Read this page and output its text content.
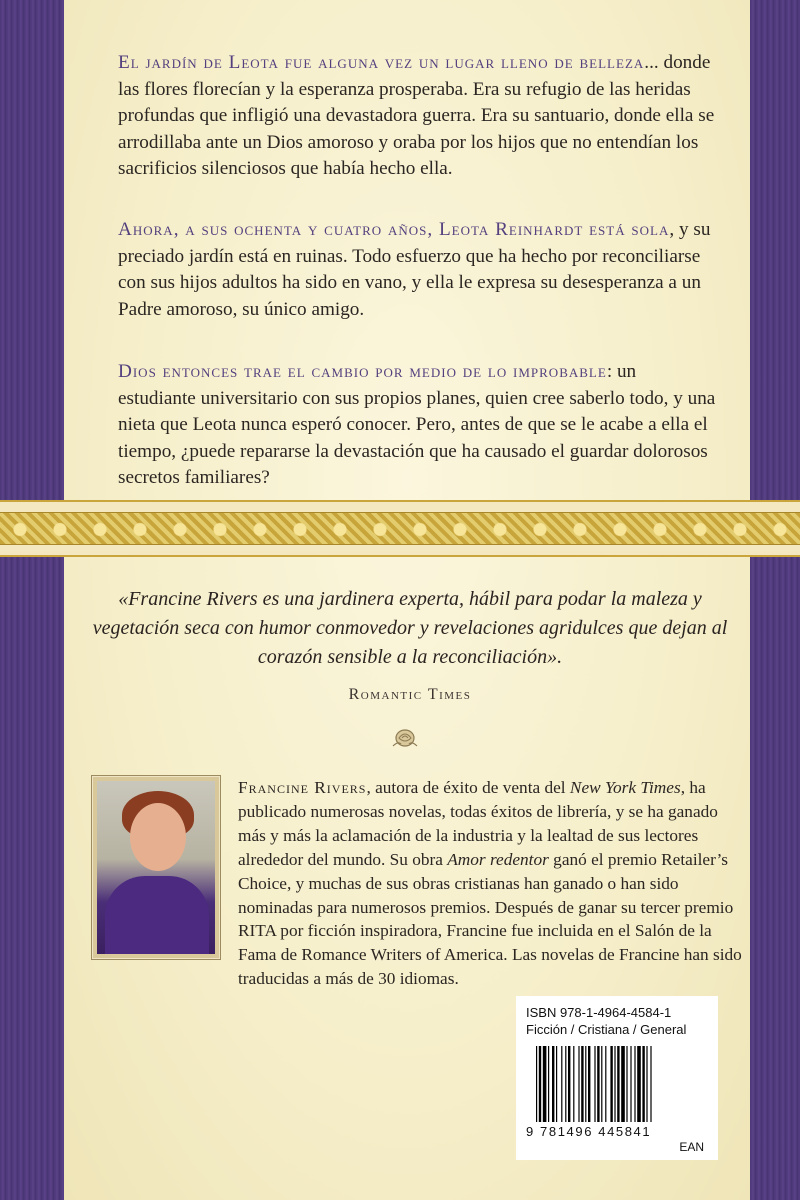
El jardín de Leota fue alguna vez un lugar lleno de belleza... donde las flores florecían y la esperanza prosperaba. Era su refugio de las heridas profundas que infligió una devastadora guerra. Era su santuario, donde ella se arrodillaba ante un Dios amoroso y oraba por los hijos que no entendían los sacrificios silenciosos que había hecho ella.

Ahora, a sus ochenta y cuatro años, Leota Reinhardt está sola, y su preciado jardín está en ruinas. Todo esfuerzo que ha hecho por reconciliarse con sus hijos adultos ha sido en vano, y ella le expresa su desesperanza a un Padre amoroso, su único amigo.

Dios entonces trae el cambio por medio de lo improbable: un estudiante universitario con sus propios planes, quien cree saberlo todo, y una nieta que Leota nunca esperó conocer. Pero, antes de que se le acabe a ella el tiempo, ¿puede repararse la devastación que ha causado el guardar dolorosos secretos familiares?

«Francine Rivers es una jardinera experta, hábil para podar la maleza y vegetación seca con humor conmovedor y revelaciones agridulces que dejan al corazón sensible a la reconciliación».

Romantic Times

Francine Rivers, autora de éxito de venta del New York Times, ha publicado numerosas novelas, todas éxitos de librería, y se ha ganado más y más la aclamación de la industria y la lealtad de sus lectores alrededor del mundo. Su obra Amor redentor ganó el premio Retailer’s Choice, y muchas de sus obras cristianas han ganado o han sido nominadas para numerosos premios. Después de ganar su tercer premio RITA por ficción inspiradora, Francine fue incluida en el Salón de la Fama de Romance Writers of America. Las novelas de Francine han sido traducidas a más de 30 idiomas.

ISBN 978-1-4964-4584-1
Ficción / Cristiana / General
9 781496 445841
EAN
